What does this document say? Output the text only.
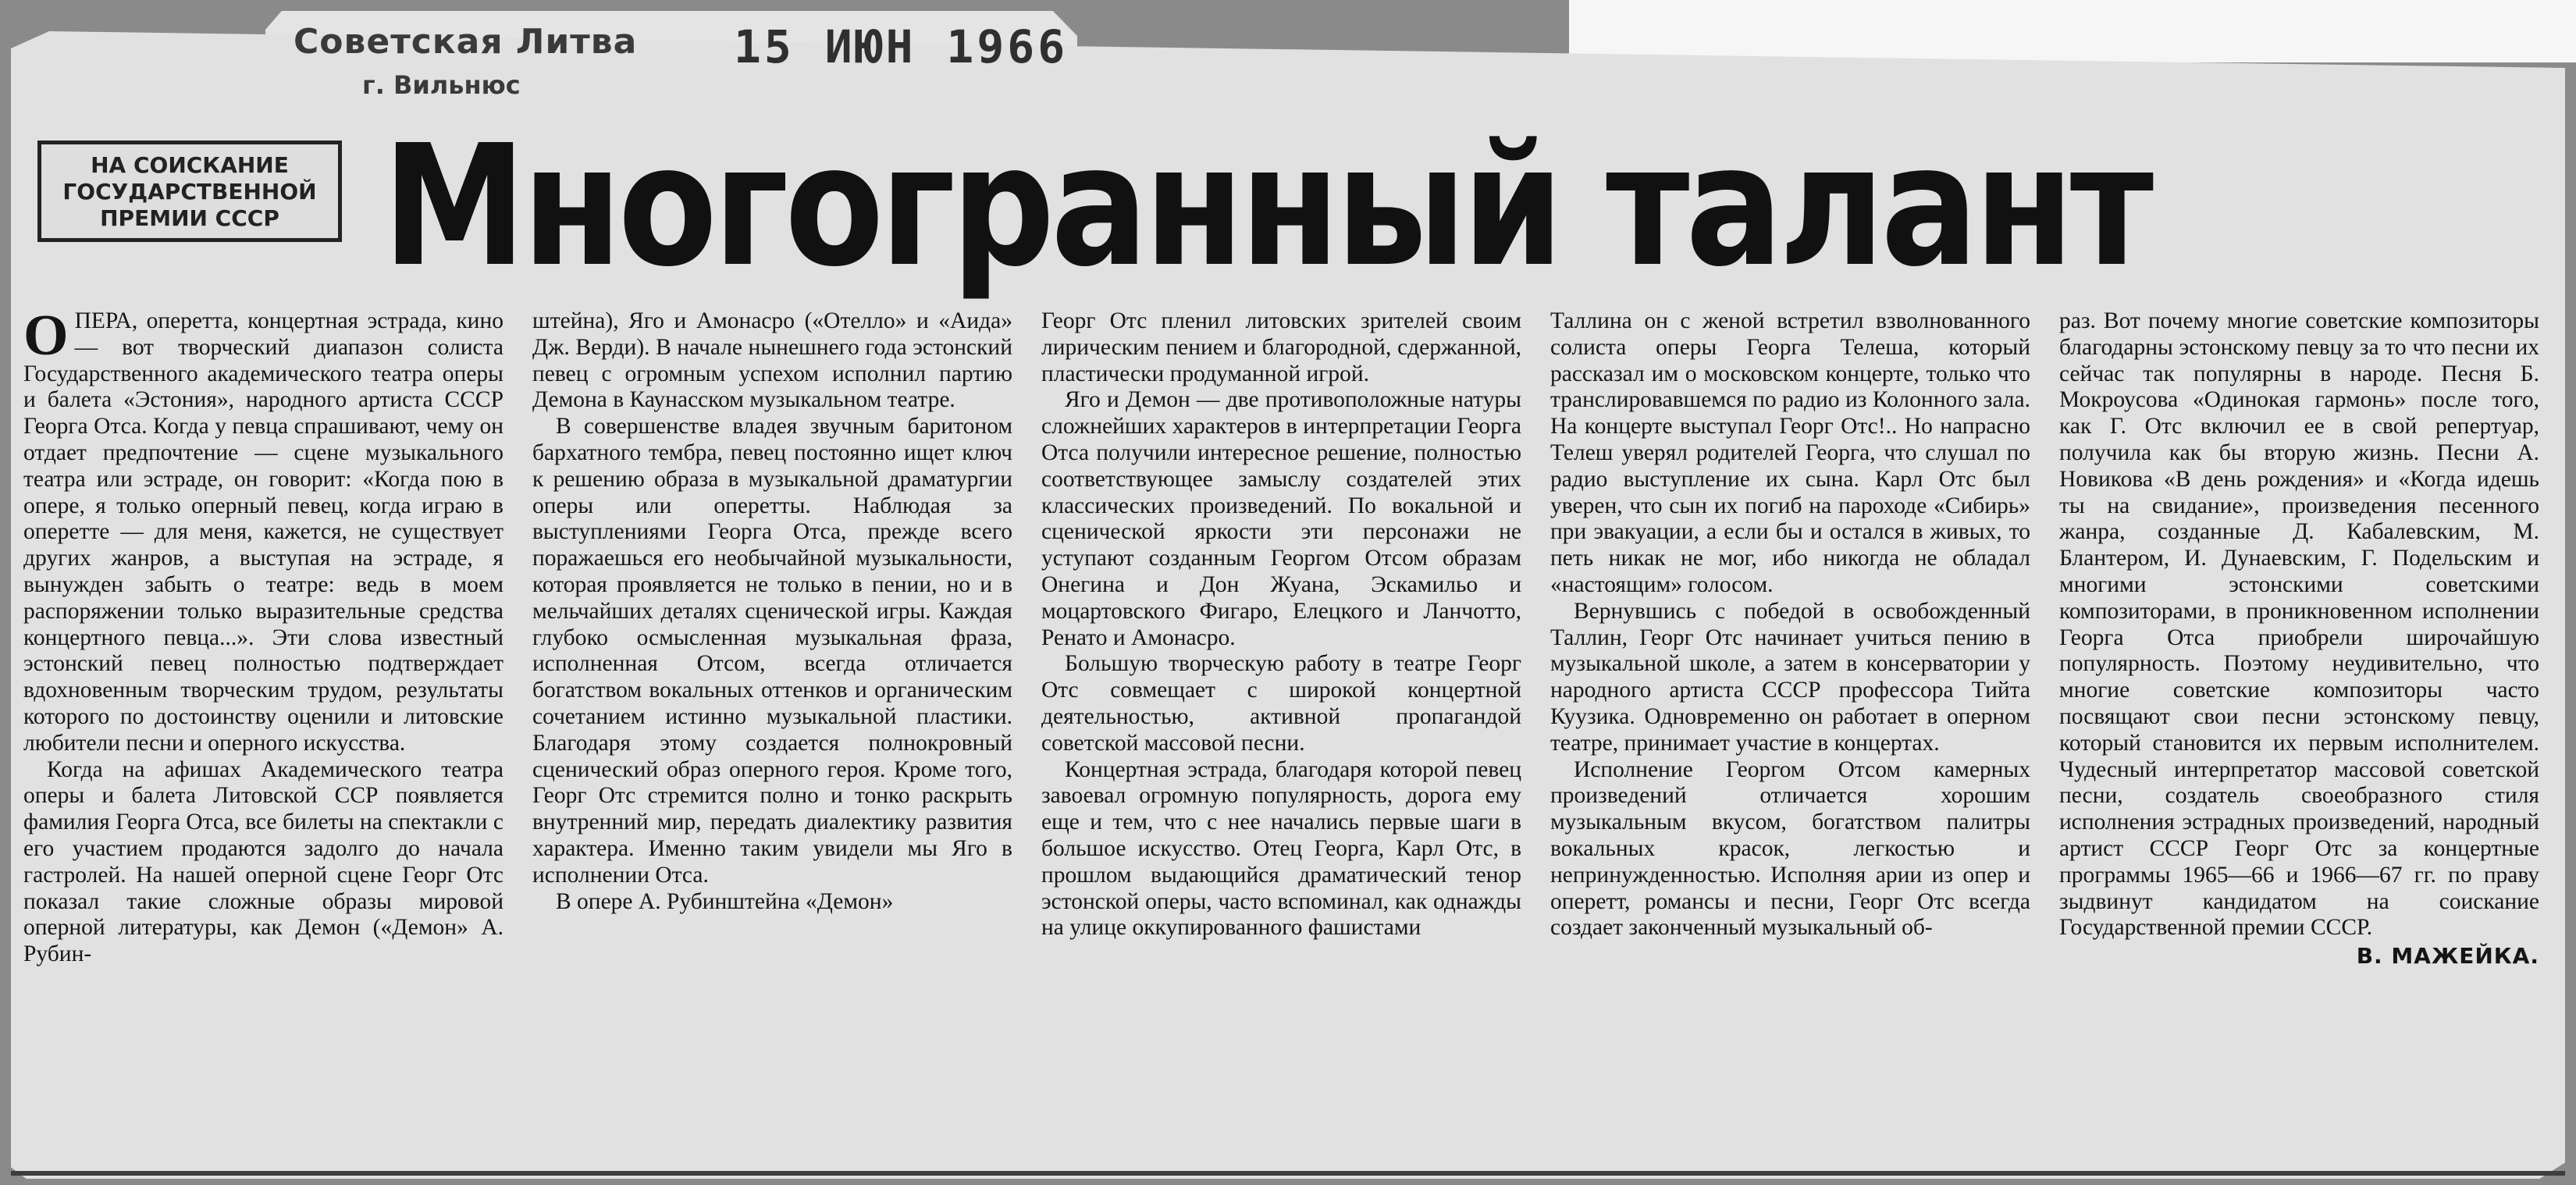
Советская Литва
г. Вильнюс
15 ИЮН 1966
НА СОИСКАНИЕ
ГОСУДАРСТВЕННОЙ
ПРЕМИИ СССР Многогранный талант

ОПЕРА, оперетта, концертная эстрада, кино — вот творческий диапазон солиста Государственного академического театра оперы и балета «Эстония», народного артиста СССР Георга Отса. Когда у певца спрашивают, чему он отдает предпочтение — сцене музыкального театра или эстраде, он говорит: «Когда пою в опере, я только оперный певец, когда играю в оперетте — для меня, кажется, не существует других жанров, а выступая на эстраде, я вынужден забыть о театре: ведь в моем распоряжении только выразительные средства концертного певца...». Эти слова известный эстонский певец полностью подтверждает вдохновенным творческим трудом, результаты которого по достоинству оценили и литовские любители песни и оперного искусства.

Когда на афишах Академического театра оперы и балета Литовской ССР появляется фамилия Георга Отса, все билеты на спектакли с его участием продаются задолго до начала гастролей. На нашей оперной сцене Георг Отс показал такие сложные образы мировой оперной литературы, как Демон («Демон» А. Рубин-

штейна), Яго и Амонасро («Отелло» и «Аида» Дж. Верди). В начале нынешнего года эстонский певец с огромным успехом исполнил партию Демона в Каунасском музыкальном театре.

В совершенстве владея звучным баритоном бархатного тембра, певец постоянно ищет ключ к решению образа в музыкальной драматургии оперы или оперетты. Наблюдая за выступлениями Георга Отса, прежде всего поражаешься его необычайной музыкальности, которая проявляется не только в пении, но и в мельчайших деталях сценической игры. Каждая глубоко осмысленная музыкальная фраза, исполненная Отсом, всегда отличается богатством вокальных оттенков и органическим сочетанием истинно музыкальной пластики. Благодаря этому создается полнокровный сценический образ оперного героя. Кроме того, Георг Отс стремится полно и тонко раскрыть внутренний мир, передать диалектику развития характера. Именно таким увидели мы Яго в исполнении Отса.

В опере А. Рубинштейна «Демон»

Георг Отс пленил литовских зрителей своим лирическим пением и благородной, сдержанной, пластически продуманной игрой.

Яго и Демон — две противоположные натуры сложнейших характеров в интерпретации Георга Отса получили интересное решение, полностью соответствующее замыслу создателей этих классических произведений. По вокальной и сценической яркости эти персонажи не уступают созданным Георгом Отсом образам Онегина и Дон Жуана, Эскамильо и моцартовского Фигаро, Елецкого и Ланчотто, Ренато и Амонасро.

Большую творческую работу в театре Георг Отс совмещает с широкой концертной деятельностью, активной пропагандой советской массовой песни.

Концертная эстрада, благодаря которой певец завоевал огромную популярность, дорога ему еще и тем, что с нее начались первые шаги в большое искусство. Отец Георга, Карл Отс, в прошлом выдающийся драматический тенор эстонской оперы, часто вспоминал, как однажды на улице оккупированного фашистами

Таллина он с женой встретил взволнованного солиста оперы Георга Телеша, который рассказал им о московском концерте, только что транслировавшемся по радио из Колонного зала. На концерте выступал Георг Отс!.. Но напрасно Телеш уверял родителей Георга, что слушал по радио выступление их сына. Карл Отс был уверен, что сын их погиб на пароходе «Сибирь» при эвакуации, а если бы и остался в живых, то петь никак не мог, ибо никогда не обладал «настоящим» голосом.

Вернувшись с победой в освобожденный Таллин, Георг Отс начинает учиться пению в музыкальной школе, а затем в консерватории у народного артиста СССР профессора Тийта Куузика. Одновременно он работает в оперном театре, принимает участие в концертах.

Исполнение Георгом Отсом камерных произведений отличается хорошим музыкальным вкусом, богатством палитры вокальных красок, легкостью и непринужденностью. Исполняя арии из опер и оперетт, романсы и песни, Георг Отс всегда создает законченный музыкальный об-

раз. Вот почему многие советские композиторы благодарны эстонскому певцу за то что песни их сейчас так популярны в народе. Песня Б. Мокроусова «Одинокая гармонь» после того, как Г. Отс включил ее в свой репертуар, получила как бы вторую жизнь. Песни А. Новикова «В день рождения» и «Когда идешь ты на свидание», произведения песенного жанра, созданные Д. Кабалевским, М. Блантером, И. Дунаевским, Г. Подельским и многими эстонскими советскими композиторами, в проникновенном исполнении Георга Отса приобрели широчайшую популярность. Поэтому неудивительно, что многие советские композиторы часто посвящают свои песни эстонскому певцу, который становится их первым исполнителем. Чудесный интерпретатор массовой советской песни, создатель своеобразного стиля исполнения эстрадных произведений, народный артист СССР Георг Отс за концертные программы 1965—66 и 1966—67 гг. по праву зыдвинут кандидатом на соискание Государственной премии СССР.

В. МАЖЕЙКА.
